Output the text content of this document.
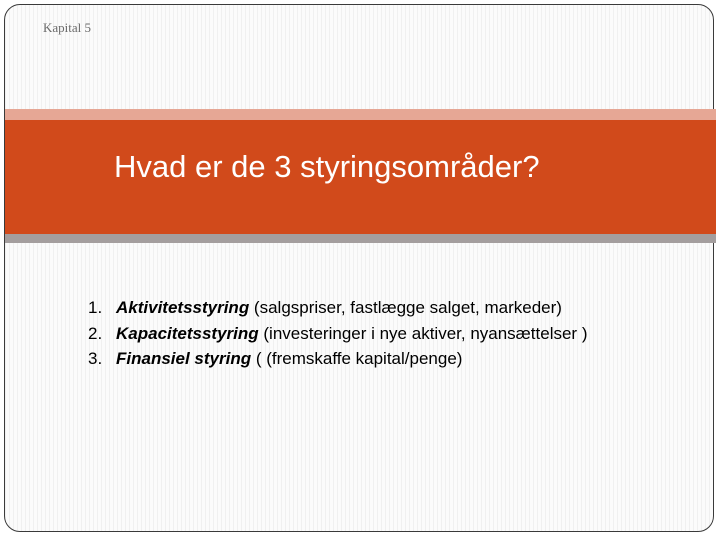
Kapital 5
Hvad er de 3 styringsområder?
1. Aktivitetsstyring (salgspriser, fastlægge salget, markeder)
2. Kapacitetsstyring (investeringer i nye aktiver, nyansættelser )
3. Finansiel styring ( (fremskaffe kapital/penge)
